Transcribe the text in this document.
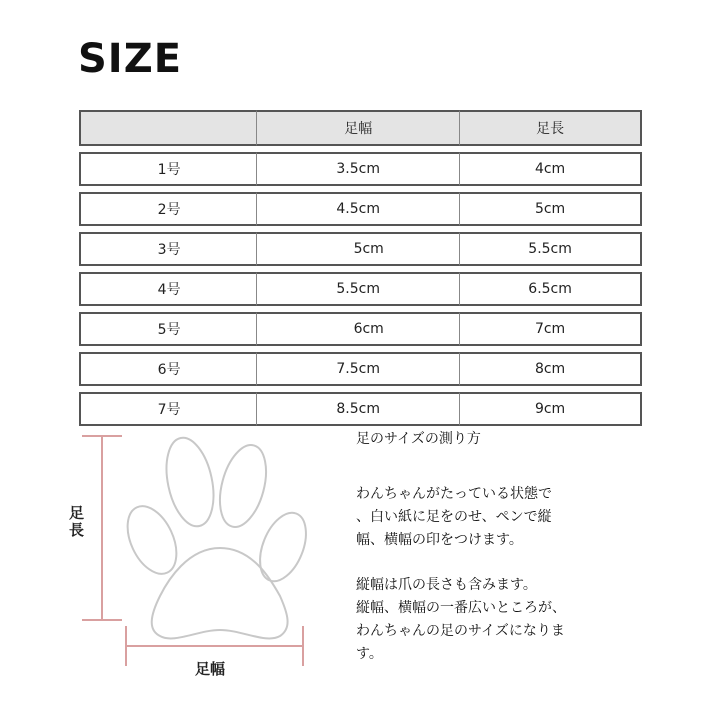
SIZE
	足幅	足長
1号	3.5cm	4cm
2号	4.5cm	5cm
3号	5cm	5.5cm
4号	5.5cm	6.5cm
5号	6cm	7cm
6号	7.5cm	8cm
7号	8.5cm	9cm
足長
足幅

足のサイズの測り方

わんちゃんがたっている状態で

、白い紙に足をのせ、ペンで縦

幅、横幅の印をつけます。

縦幅は爪の長さも含みます。

縦幅、横幅の一番広いところが、

わんちゃんの足のサイズになりま

す。
